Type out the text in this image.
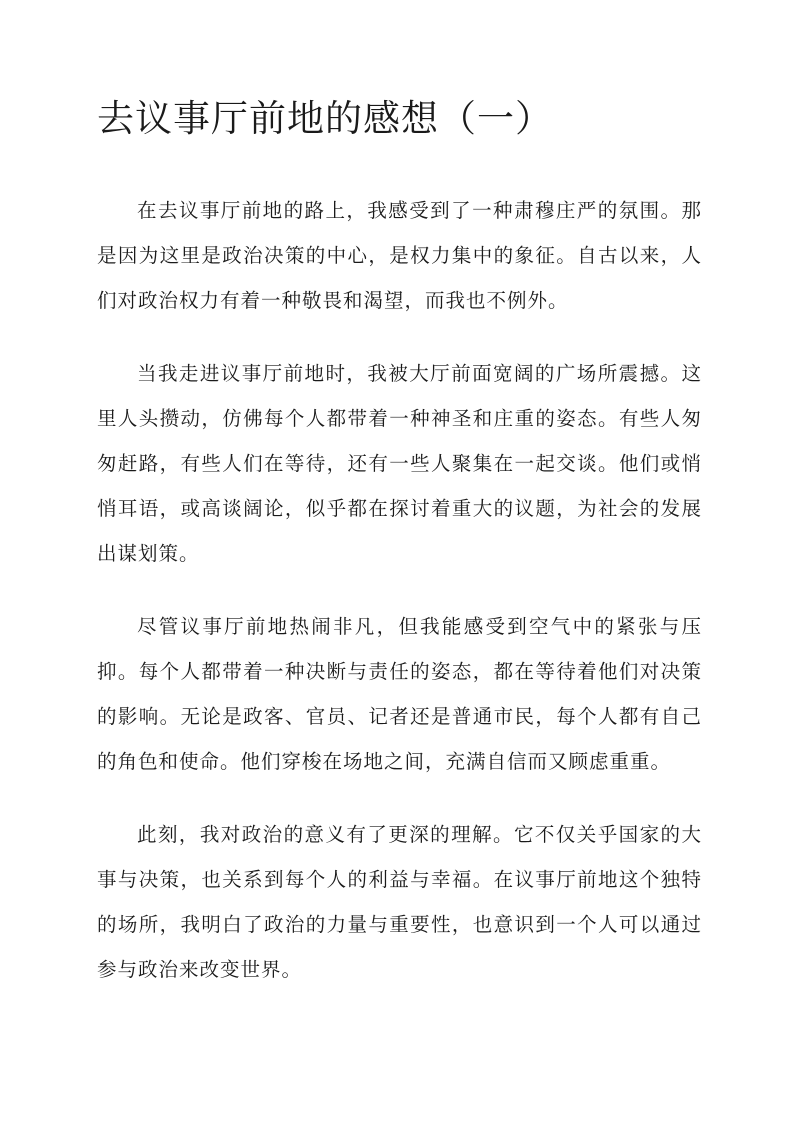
去议事厅前地的感想（一）

在去议事厅前地的路上，我感受到了一种肃穆庄严的氛围。那是因为这里是政治决策的中心，是权力集中的象征。自古以来，人们对政治权力有着一种敬畏和渴望，而我也不例外。

当我走进议事厅前地时，我被大厅前面宽阔的广场所震撼。这里人头攒动，仿佛每个人都带着一种神圣和庄重的姿态。有些人匆匆赶路，有些人们在等待，还有一些人聚集在一起交谈。他们或悄悄耳语，或高谈阔论，似乎都在探讨着重大的议题，为社会的发展出谋划策。

尽管议事厅前地热闹非凡，但我能感受到空气中的紧张与压抑。每个人都带着一种决断与责任的姿态，都在等待着他们对决策的影响。无论是政客、官员、记者还是普通市民，每个人都有自己的角色和使命。他们穿梭在场地之间，充满自信而又顾虑重重。

此刻，我对政治的意义有了更深的理解。它不仅关乎国家的大事与决策，也关系到每个人的利益与幸福。在议事厅前地这个独特的场所，我明白了政治的力量与重要性，也意识到一个人可以通过参与政治来改变世界。
